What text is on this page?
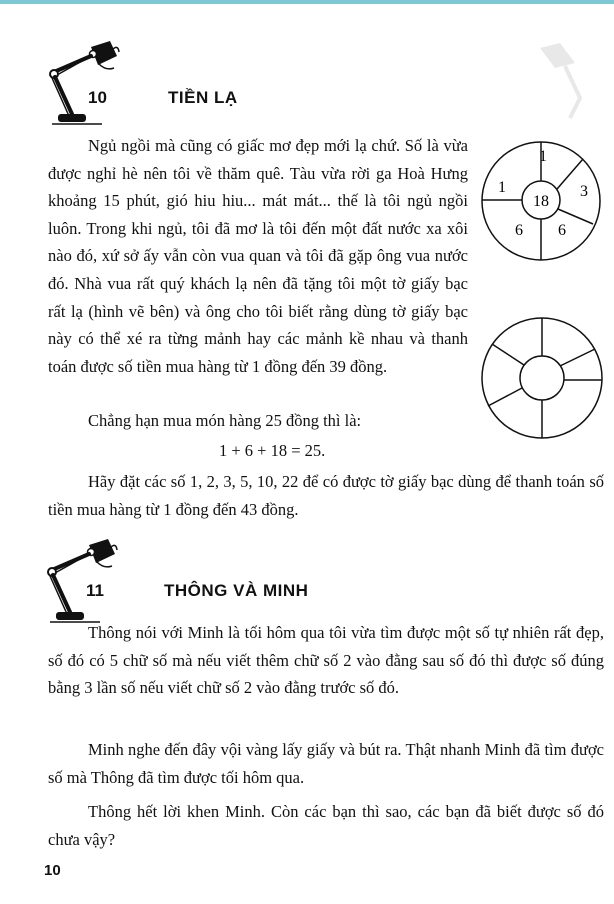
10	TIỀN LẠ

Ngủ ngồi mà cũng có giấc mơ đẹp mới lạ chứ. Số là vừa được nghỉ hè nên tôi về thăm quê. Tàu vừa rời ga Hoà Hưng khoảng 15 phút, gió hiu hiu... mát mát... thế là tôi ngủ ngồi luôn. Trong khi ngủ, tôi đã mơ là tôi đến một đất nước xa xôi nào đó, xứ sở ấy vẫn còn vua quan và tôi đã gặp ông vua nước đó. Nhà vua rất quý khách lạ nên đã tặng tôi một tờ giấy bạc rất lạ (hình vẽ bên) và ông cho tôi biết rằng dùng tờ giấy bạc này có thể xé ra từng mảnh hay các mảnh kề nhau và thanh toán được số tiền mua hàng từ 1 đồng đến 39 đồng.

Chẳng hạn mua món hàng 25 đồng thì là:

1 + 6 + 18 = 25.

Hãy đặt các số 1, 2, 3, 5, 10, 22 để có được tờ giấy bạc dùng để thanh toán số tiền mua hàng từ 1 đồng đến 43 đồng.

18
1
3
6
6
1
11	THÔNG VÀ MINH

Thông nói với Minh là tối hôm qua tôi vừa tìm được một số tự nhiên rất đẹp, số đó có 5 chữ số mà nếu viết thêm chữ số 2 vào đằng sau số đó thì được số đúng bằng 3 lần số nếu viết chữ số 2 vào đằng trước số đó.

Minh nghe đến đây vội vàng lấy giấy và bút ra. Thật nhanh Minh đã tìm được số mà Thông đã tìm được tối hôm qua.

Thông hết lời khen Minh. Còn các bạn thì sao, các bạn đã biết được số đó chưa vậy?

10
